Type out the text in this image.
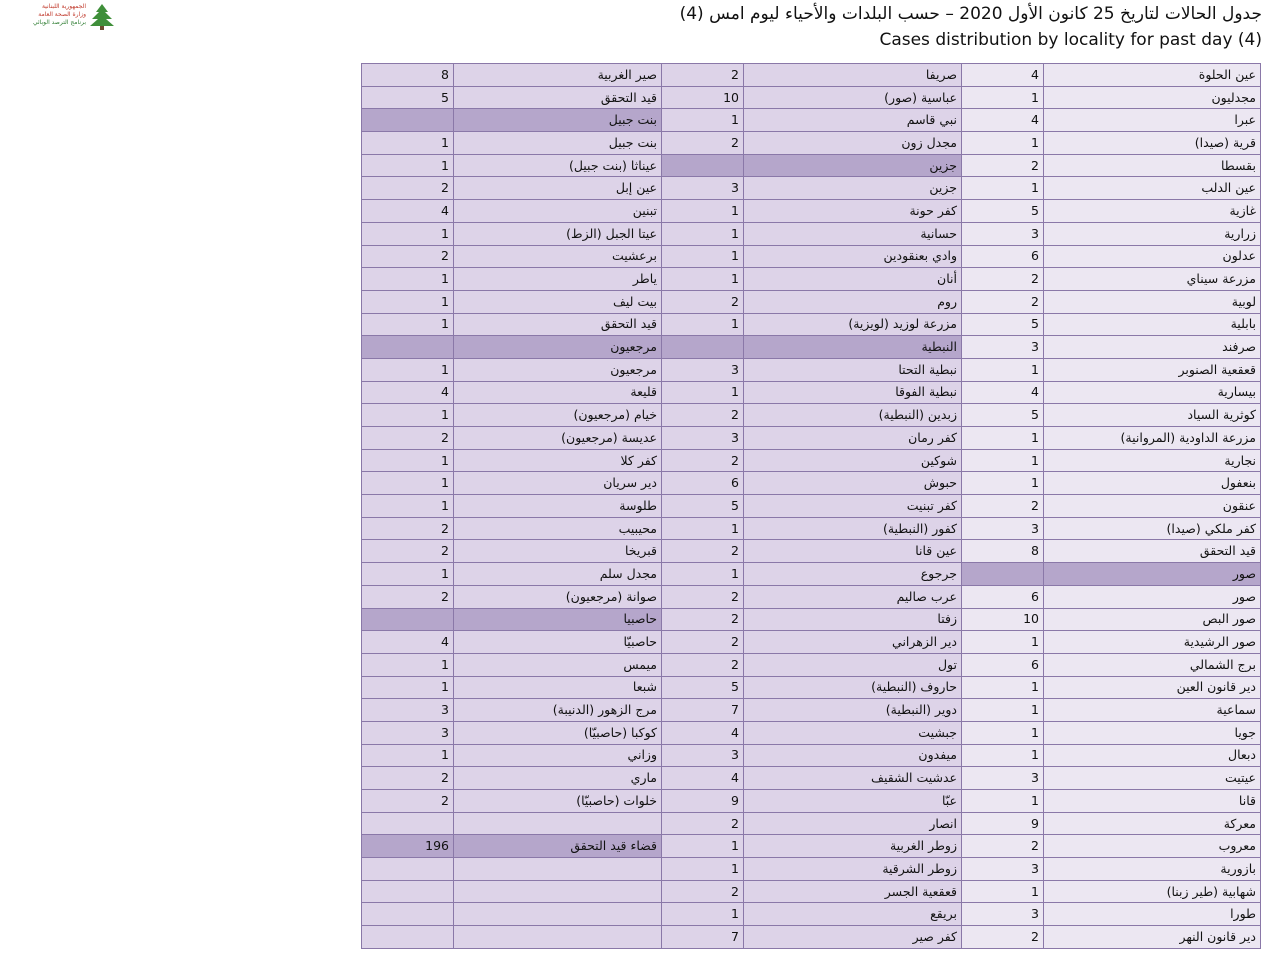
الجمهورية اللبنانية
وزارة الصحة العامة
برنامج الترصد الوبائي	جدول الحالات لتاريخ 25 كانون الأول 2020 – حسب البلدات والأحياء ليوم امس (4)
Cases distribution by locality for past day (4)
8	صير الغربية	2	صريفا	4	عين الحلوة
5	قيد التحقق	10	عباسية (صور)	1	مجدليون
	بنت جبيل	1	نبي قاسم	4	عبرا
1	بنت جبيل	2	مجدل زون	1	قرية (صيدا)
1	عيناثا (بنت جبيل)		جزين	2	بقسطا
2	عين إبل	3	جزين	1	عين الدلب
4	تبنين	1	كفر حونة	5	غازية
1	عيتا الجبل (الزط)	1	حسانية	3	زرارية
2	برعشيت	1	وادي بعنقودين	6	عدلون
1	ياطر	1	أنان	2	مزرعة سيناي
1	بيت ليف	2	روم	2	لوبية
1	قيد التحقق	1	مزرعة لوزيد (لويزية)	5	بابلية
	مرجعيون		النبطية	3	صرفند
1	مرجعيون	3	نبطية التحتا	1	قعقعية الصنوبر
4	قليعة	1	نبطية الفوقا	4	بيسارية
1	خيام (مرجعيون)	2	زبدين (النبطية)	5	كوثرية السياد
2	عديسة (مرجعيون)	3	كفر رمان	1	مزرعة الداودية (المروانية)
1	كفر كلا	2	شوكين	1	نجارية
1	دير سريان	6	حبوش	1	بنعفول
1	طلوسة	5	كفر تبنيت	2	عنقون
2	محيبيب	1	كفور (النبطية)	3	كفر ملكي (صيدا)
2	قبريخا	2	عين قانا	8	قيد التحقق
1	مجدل سلم	1	جرجوع		صور
2	صوانة (مرجعيون)	2	عرب صاليم	6	صور
	حاصبيا	2	زفتا	10	صور البص
4	حاصبيّا	2	دير الزهراني	1	صور الرشيدية
1	ميمس	2	تول	6	برج الشمالي
1	شبعا	5	حاروف (النبطية)	1	دير قانون العين
3	مرج الزهور (الدنيبة)	7	دوير (النبطية)	1	سماعية
3	كوكبا (حاصبيّا)	4	جبشيت	1	جويا
1	وزاني	3	ميفدون	1	دبعال
2	ماري	4	عدشيت الشقيف	3	عيتيت
2	خلوات (حاصبيّا)	9	عبّا	1	قانا
		2	انصار	9	معركة
196	قضاء قيد التحقق	1	زوطر الغربية	2	معروب
		1	زوطر الشرقية	3	بازورية
		2	قعقعية الجسر	1	شهابية (طير زبنا)
		1	بريقع	3	طورا
		7	كفر صير	2	دير قانون النهر
